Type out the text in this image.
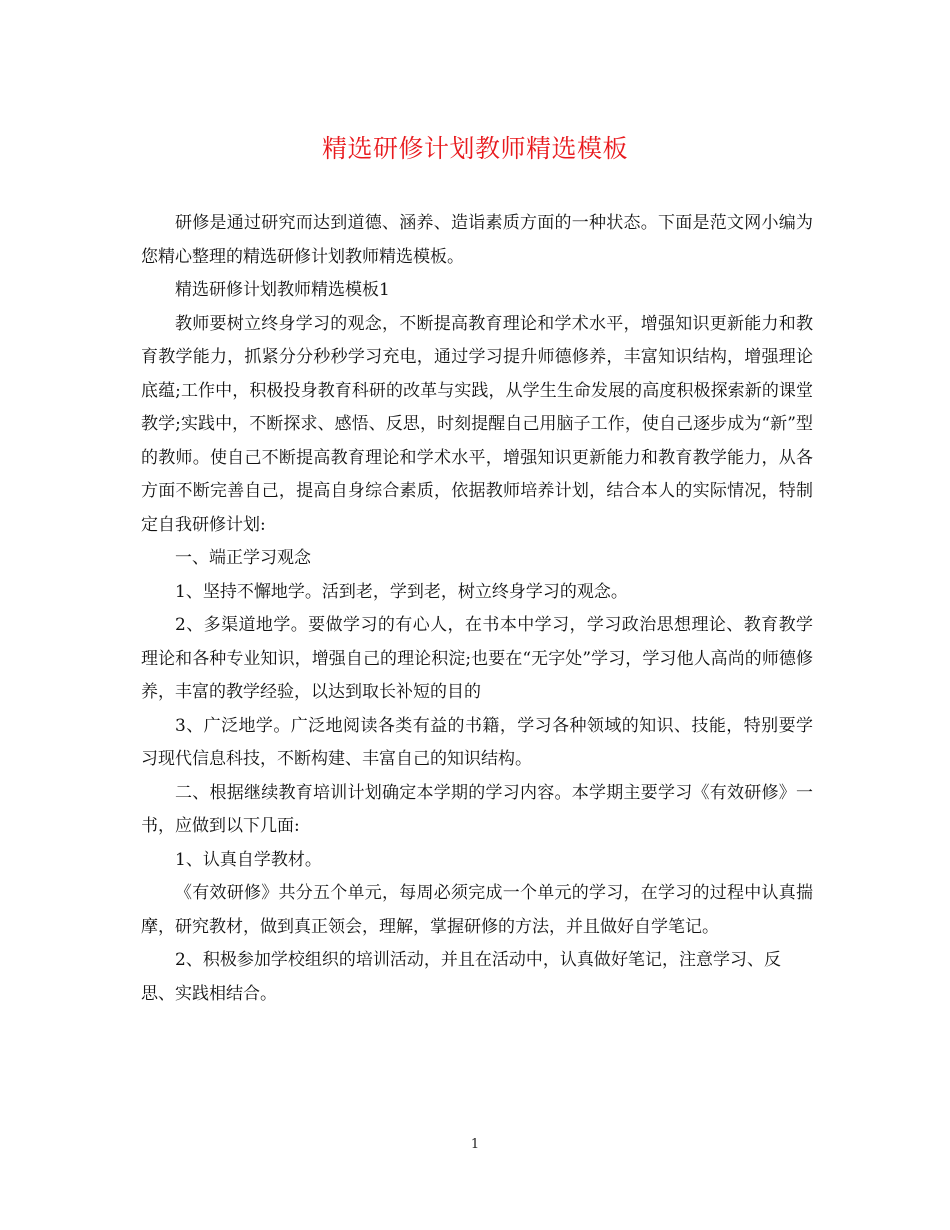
精选研修计划教师精选模板

研修是通过研究而达到道德、涵养、造诣素质方面的一种状态。下面是范文网小编为您精心整理的精选研修计划教师精选模板。

精选研修计划教师精选模板1

教师要树立终身学习的观念，不断提高教育理论和学术水平，增强知识更新能力和教育教学能力，抓紧分分秒秒学习充电，通过学习提升师德修养，丰富知识结构，增强理论底蕴;工作中，积极投身教育科研的改革与实践，从学生生命发展的高度积极探索新的课堂教学;实践中，不断探求、感悟、反思，时刻提醒自己用脑子工作，使自己逐步成为“新”型的教师。使自己不断提高教育理论和学术水平，增强知识更新能力和教育教学能力，从各方面不断完善自己，提高自身综合素质，依据教师培养计划，结合本人的实际情况，特制定自我研修计划:

一、端正学习观念

1、坚持不懈地学。活到老，学到老，树立终身学习的观念。

2、多渠道地学。要做学习的有心人，在书本中学习，学习政治思想理论、教育教学理论和各种专业知识，增强自己的理论积淀;也要在“无字处”学习，学习他人高尚的师德修养，丰富的教学经验，以达到取长补短的目的

3、广泛地学。广泛地阅读各类有益的书籍，学习各种领域的知识、技能，特别要学习现代信息科技，不断构建、丰富自己的知识结构。

二、根据继续教育培训计划确定本学期的学习内容。本学期主要学习《有效研修》一书，应做到以下几面:

1、认真自学教材。

《有效研修》共分五个单元，每周必须完成一个单元的学习，在学习的过程中认真揣摩，研究教材，做到真正领会，理解，掌握研修的方法，并且做好自学笔记。

2、积极参加学校组织的培训活动，并且在活动中，认真做好笔记，注意学习、反思、实践相结合。

1
